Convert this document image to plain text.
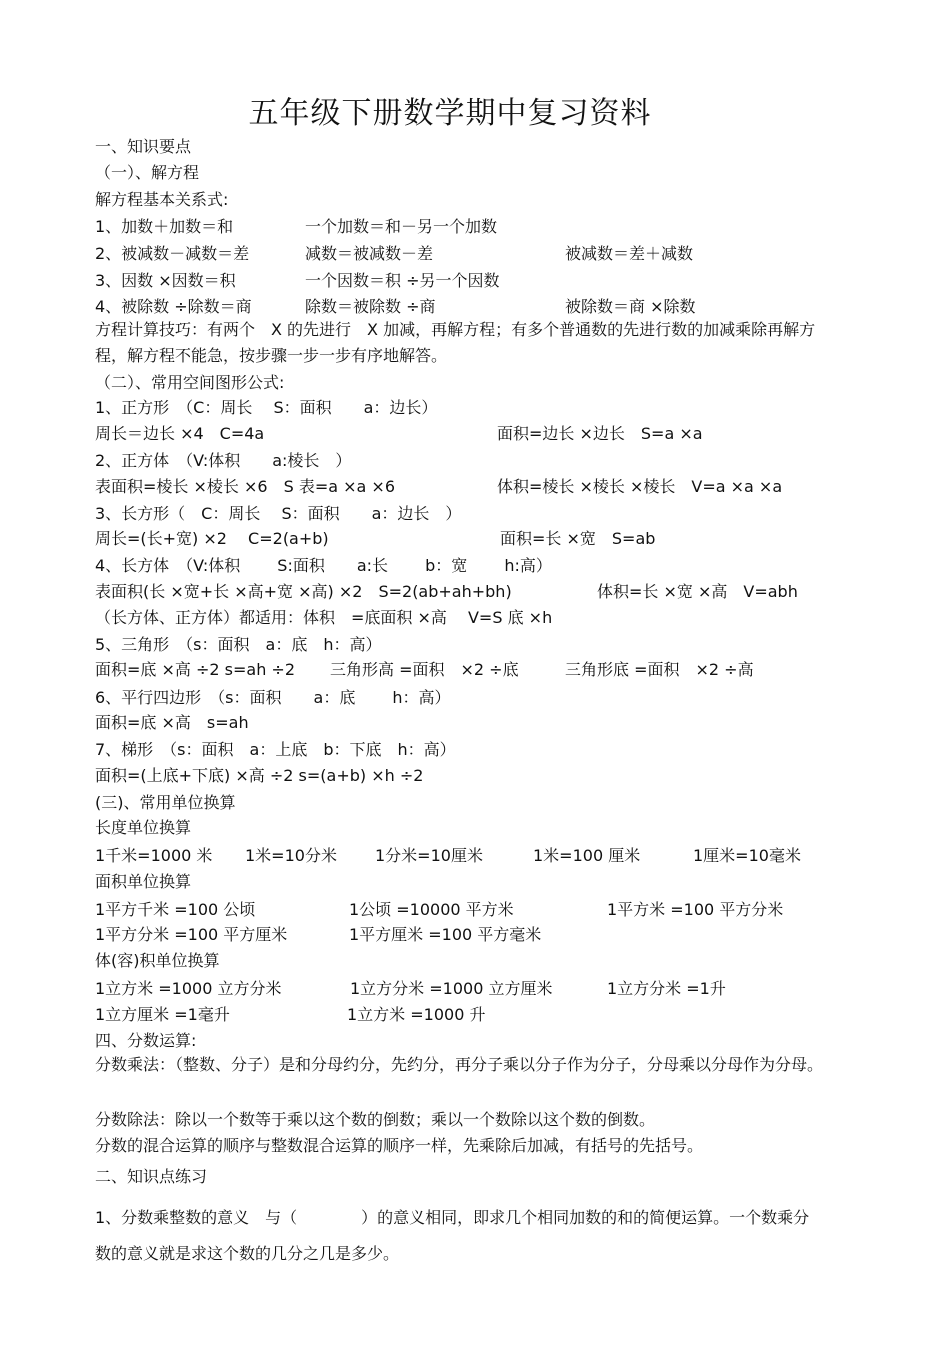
五年级下册数学期中复习资料
一、知识要点
（一）、解方程
解方程基本关系式:
1、加数＋加数＝和	一个加数＝和－另一个加数
2、被减数－减数＝差	减数＝被减数－差	被减数＝差＋减数
3、因数 ×因数＝积	一个因数＝积 ÷另一个因数
4、被除数 ÷除数＝商	除数＝被除数 ÷商	被除数＝商 ×除数
方程计算技巧：有两个　X 的先进行　X 加减，再解方程；有多个普通数的先进行数的加减乘除再解方程，解方程不能急，按步骤一步一步有序地解答。
（二）、常用空间图形公式:
1、正方形　（C：周长　 S：面积　　a：边长）
周长＝边长 ×4　C=4a	面积=边长 ×边长　S=a ×a
2、正方体　（V:体积　　a:棱长　）
表面积=棱长 ×棱长 ×6　S 表=a ×a ×6	体积=棱长 ×棱长 ×棱长　V=a ×a ×a
3、长方形（　C：周长　 S：面积　　a：边长　）
周长=(长+宽) ×2　 C=2(a+b)	面积=长 ×宽　S=ab
4、长方体　（V:体积　　 S:面积　　a:长　　 b：宽　　 h:高）
表面积(长 ×宽+长 ×高+宽 ×高) ×2　S=2(ab+ah+bh)	体积=长 ×宽 ×高　V=abh
（长方体、正方体）都适用：体积　=底面积 ×高　 V=S 底 ×h
5、三角形　（s：面积　a：底　h：高）
面积=底 ×高 ÷2 s=ah ÷2 三角形高 =面积　×2 ÷底	三角形底 =面积　×2 ÷高
6、平行四边形　（s：面积　　a：底　　 h：高）
面积=底 ×高　s=ah
7、梯形　（s：面积　a：上底　b：下底　h：高）
面积=(上底+下底) ×高 ÷2 s=(a+b) ×h ÷2
(三)、常用单位换算
长度单位换算
1千米=1000 米 1米=10分米 1分米=10厘米	1米=100 厘米	1厘米=10毫米
面积单位换算
1平方千米 =100 公顷	1公顷 =10000 平方米	1平方米 =100 平方分米
1平方分米 =100 平方厘米	1平方厘米 =100 平方毫米
体(容)积单位换算
1立方米 =1000 立方分米	1立方分米 =1000 立方厘米	1立方分米 =1升
1立方厘米 =1毫升	1立方米 =1000 升
四、分数运算:
分数乘法：（整数、分子）是和分母约分，先约分，再分子乘以分子作为分子，分母乘以分母作为分母。
分数除法：除以一个数等于乘以这个数的倒数；乘以一个数除以这个数的倒数。
分数的混合运算的顺序与整数混合运算的顺序一样，先乘除后加减，有括号的先括号。
二、知识点练习
1、分数乘整数的意义　与（　　　　）的意义相同，即求几个相同加数的和的简便运算。一个数乘分数的意义就是求这个数的几分之几是多少。
